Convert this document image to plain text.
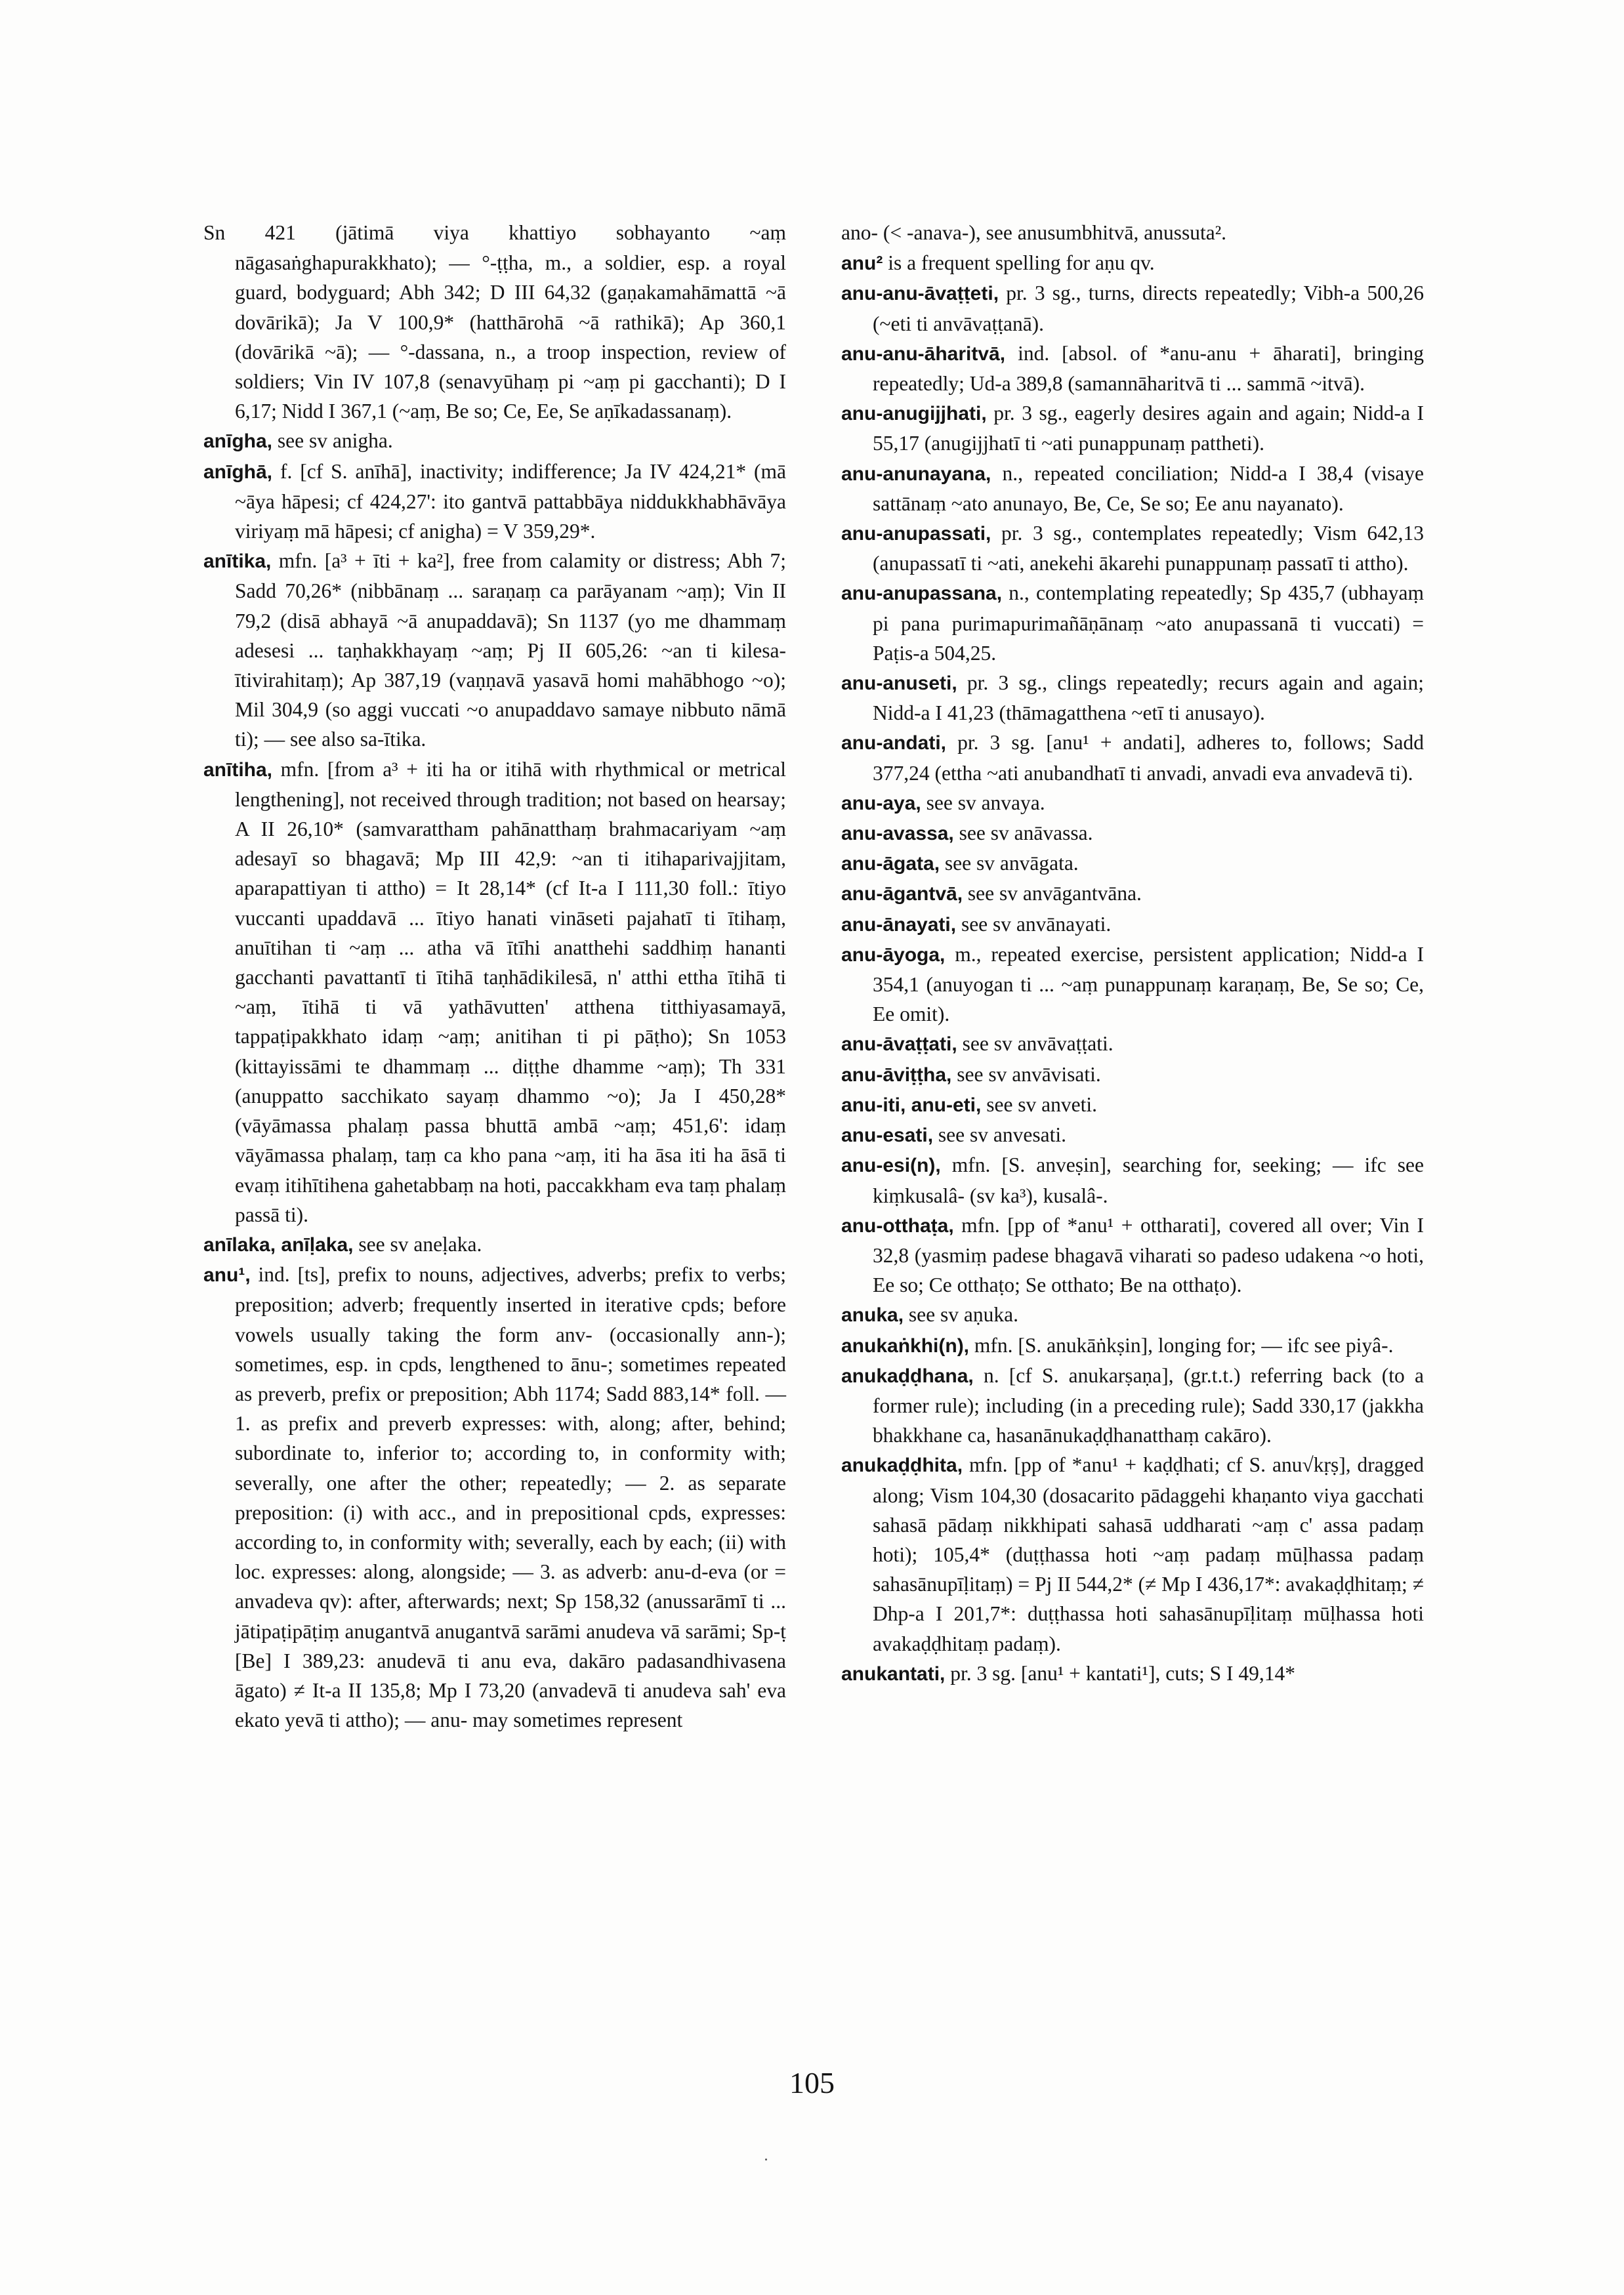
Sn 421 (jātimā viya khattiyo sobhayanto ~aṃ nāgasaṅghapurakkhato); — °-ṭṭha, m., a soldier, esp. a royal guard, bodyguard; Abh 342; D III 64,32 (gaṇakamahāmattā ~ā dovārikā); Ja V 100,9* (hatthārohā ~ā rathikā); Ap 360,1 (dovārikā ~ā); — °-dassana, n., a troop inspection, review of soldiers; Vin IV 107,8 (senavyūhaṃ pi ~aṃ pi gacchanti); D I 6,17; Nidd I 367,1 (~aṃ, Be so; Ce, Ee, Se aṇīkadassanaṃ).

anīgha, see sv anigha.

anīghā, f. [cf S. anīhā], inactivity; indifference; Ja IV 424,21* (mā ~āya hāpesi; cf 424,27': ito gantvā pattabbāya niddukkhabhāvāya viriyaṃ mā hāpesi; cf anigha) = V 359,29*.

anītika, mfn. [a³ + īti + ka²], free from calamity or distress; Abh 7; Sadd 70,26* (nibbānaṃ ... saraṇaṃ ca parāyanam ~aṃ); Vin II 79,2 (disā abhayā ~ā anupaddavā); Sn 1137 (yo me dhammaṃ adesesi ... taṇhakkhayaṃ ~aṃ; Pj II 605,26: ~an ti kilesa-ītivirahitaṃ); Ap 387,19 (vaṇṇavā yasavā homi mahābhogo ~o); Mil 304,9 (so aggi vuccati ~o anupaddavo samaye nibbuto nāmā ti); — see also sa-ītika.

anītiha, mfn. [from a³ + iti ha or itihā with rhythmical or metrical lengthening], not received through tradition; not based on hearsay; A II 26,10* (samvarattham pahānatthaṃ brahmacariyam ~aṃ adesayī so bhagavā; Mp III 42,9: ~an ti itihaparivajjitam, aparapattiyan ti attho) = It 28,14* (cf It-a I 111,30 foll.: ītiyo vuccanti upaddavā ... ītiyo hanati vināseti pajahatī ti ītihaṃ, anuītihan ti ~aṃ ... atha vā ītīhi anatthehi saddhiṃ hananti gacchanti pavattantī ti ītihā taṇhādikilesā, n' atthi ettha ītihā ti ~aṃ, ītihā ti vā yathāvutten' atthena titthiyasamayā, tappaṭipakkhato idaṃ ~aṃ; anitihan ti pi pāṭho); Sn 1053 (kittayissāmi te dhammaṃ ... diṭṭhe dhamme ~aṃ); Th 331 (anuppatto sacchikato sayaṃ dhammo ~o); Ja I 450,28* (vāyāmassa phalaṃ passa bhuttā ambā ~aṃ; 451,6': idaṃ vāyāmassa phalaṃ, taṃ ca kho pana ~aṃ, iti ha āsa iti ha āsā ti evaṃ itihītihena gahetabbaṃ na hoti, paccakkham eva taṃ phalaṃ passā ti).

anīlaka, anīḷaka, see sv aneḷaka.

anu¹, ind. [ts], prefix to nouns, adjectives, adverbs; prefix to verbs; preposition; adverb; frequently inserted in iterative cpds; before vowels usually taking the form anv- (occasionally ann-); sometimes, esp. in cpds, lengthened to ānu-; sometimes repeated as preverb, prefix or preposition; Abh 1174; Sadd 883,14* foll. — 1. as prefix and preverb expresses: with, along; after, behind; subordinate to, inferior to; according to, in conformity with; severally, one after the other; repeatedly; — 2. as separate preposition: (i) with acc., and in prepositional cpds, expresses: according to, in conformity with; severally, each by each; (ii) with loc. expresses: along, alongside; — 3. as adverb: anu-d-eva (or = anvadeva qv): after, afterwards; next; Sp 158,32 (anussarāmī ti ... jātipaṭipāṭiṃ anugantvā anugantvā sarāmi anudeva vā sarāmi; Sp-ṭ [Be] I 389,23: anudevā ti anu eva, dakāro padasandhivasena āgato) ≠ It-a II 135,8; Mp I 73,20 (anvadevā ti anudeva sah' eva ekato yevā ti attho); — anu- may sometimes represent

ano- (< -anava-), see anusumbhitvā, anussuta².

anu² is a frequent spelling for aṇu qv.

anu-anu-āvaṭṭeti, pr. 3 sg., turns, directs repeatedly; Vibh-a 500,26 (~eti ti anvāvaṭṭanā).

anu-anu-āharitvā, ind. [absol. of *anu-anu + āharati], bringing repeatedly; Ud-a 389,8 (samannāharitvā ti ... sammā ~itvā).

anu-anugijjhati, pr. 3 sg., eagerly desires again and again; Nidd-a I 55,17 (anugijjhatī ti ~ati punappunaṃ pattheti).

anu-anunayana, n., repeated conciliation; Nidd-a I 38,4 (visaye sattānaṃ ~ato anunayo, Be, Ce, Se so; Ee anu nayanato).

anu-anupassati, pr. 3 sg., contemplates repeatedly; Vism 642,13 (anupassatī ti ~ati, anekehi ākarehi punappunaṃ passatī ti attho).

anu-anupassana, n., contemplating repeatedly; Sp 435,7 (ubhayaṃ pi pana purimapurimañāṇānaṃ ~ato anupassanā ti vuccati) = Paṭis-a 504,25.

anu-anuseti, pr. 3 sg., clings repeatedly; recurs again and again; Nidd-a I 41,23 (thāmagatthena ~etī ti anusayo).

anu-andati, pr. 3 sg. [anu¹ + andati], adheres to, follows; Sadd 377,24 (ettha ~ati anubandhatī ti anvadi, anvadi eva anvadevā ti).

anu-aya, see sv anvaya.

anu-avassa, see sv anāvassa.

anu-āgata, see sv anvāgata.

anu-āgantvā, see sv anvāgantvāna.

anu-ānayati, see sv anvānayati.

anu-āyoga, m., repeated exercise, persistent application; Nidd-a I 354,1 (anuyogan ti ... ~aṃ punappunaṃ karaṇaṃ, Be, Se so; Ce, Ee omit).

anu-āvaṭṭati, see sv anvāvaṭṭati.

anu-āviṭṭha, see sv anvāvisati.

anu-iti, anu-eti, see sv anveti.

anu-esati, see sv anvesati.

anu-esi(n), mfn. [S. anveṣin], searching for, seeking; — ifc see kiṃkusalâ- (sv ka³), kusalâ-.

anu-otthaṭa, mfn. [pp of *anu¹ + ottharati], covered all over; Vin I 32,8 (yasmiṃ padese bhagavā viharati so padeso udakena ~o hoti, Ee so; Ce otthaṭo; Se otthato; Be na otthaṭo).

anuka, see sv aṇuka.

anukaṅkhi(n), mfn. [S. anukāṅkṣin], longing for; — ifc see piyâ-.

anukaḍḍhana, n. [cf S. anukarṣaṇa], (gr.t.t.) referring back (to a former rule); including (in a preceding rule); Sadd 330,17 (jakkha bhakkhane ca, hasanānukaḍḍhanatthaṃ cakāro).

anukaḍḍhita, mfn. [pp of *anu¹ + kaḍḍhati; cf S. anu√kṛṣ], dragged along; Vism 104,30 (dosacarito pādaggehi khaṇanto viya gacchati sahasā pādaṃ nikkhipati sahasā uddharati ~aṃ c' assa padaṃ hoti); 105,4* (duṭṭhassa hoti ~aṃ padaṃ mūḷhassa padaṃ sahasānupīḷitaṃ) = Pj II 544,2* (≠ Mp I 436,17*: avakaḍḍhitaṃ; ≠ Dhp-a I 201,7*: duṭṭhassa hoti sahasānupīḷitaṃ mūḷhassa hoti avakaḍḍhitaṃ padaṃ).

anukantati, pr. 3 sg. [anu¹ + kantati¹], cuts; S I 49,14*

105
